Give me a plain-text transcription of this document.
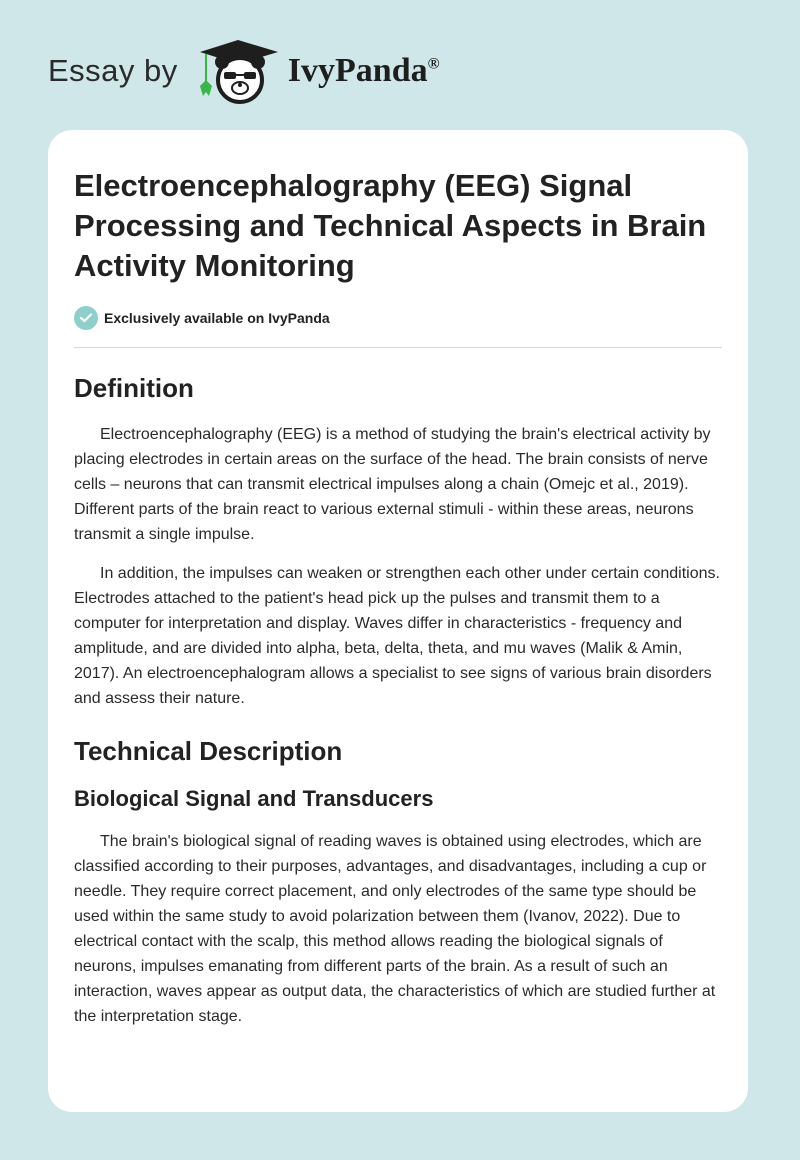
Essay by	IvyPanda®
Electroencephalography (EEG) Signal Processing and Technical Aspects in Brain Activity Monitoring
Exclusively available on IvyPanda
Definition

Electroencephalography (EEG) is a method of studying the brain's electrical activity by placing electrodes in certain areas on the surface of the head. The brain consists of nerve cells – neurons that can transmit electrical impulses along a chain (Omejc et al., 2019). Different parts of the brain react to various external stimuli - within these areas, neurons transmit a single impulse.

In addition, the impulses can weaken or strengthen each other under certain conditions. Electrodes attached to the patient's head pick up the pulses and transmit them to a computer for interpretation and display. Waves differ in characteristics - frequency and amplitude, and are divided into alpha, beta, delta, theta, and mu waves (Malik & Amin, 2017). An electroencephalogram allows a specialist to see signs of various brain disorders and assess their nature.

Technical Description
Biological Signal and Transducers

The brain's biological signal of reading waves is obtained using electrodes, which are classified according to their purposes, advantages, and disadvantages, including a cup or needle. They require correct placement, and only electrodes of the same type should be used within the same study to avoid polarization between them (Ivanov, 2022). Due to electrical contact with the scalp, this method allows reading the biological signals of neurons, impulses emanating from different parts of the brain. As a result of such an interaction, waves appear as output data, the characteristics of which are studied further at the interpretation stage.
